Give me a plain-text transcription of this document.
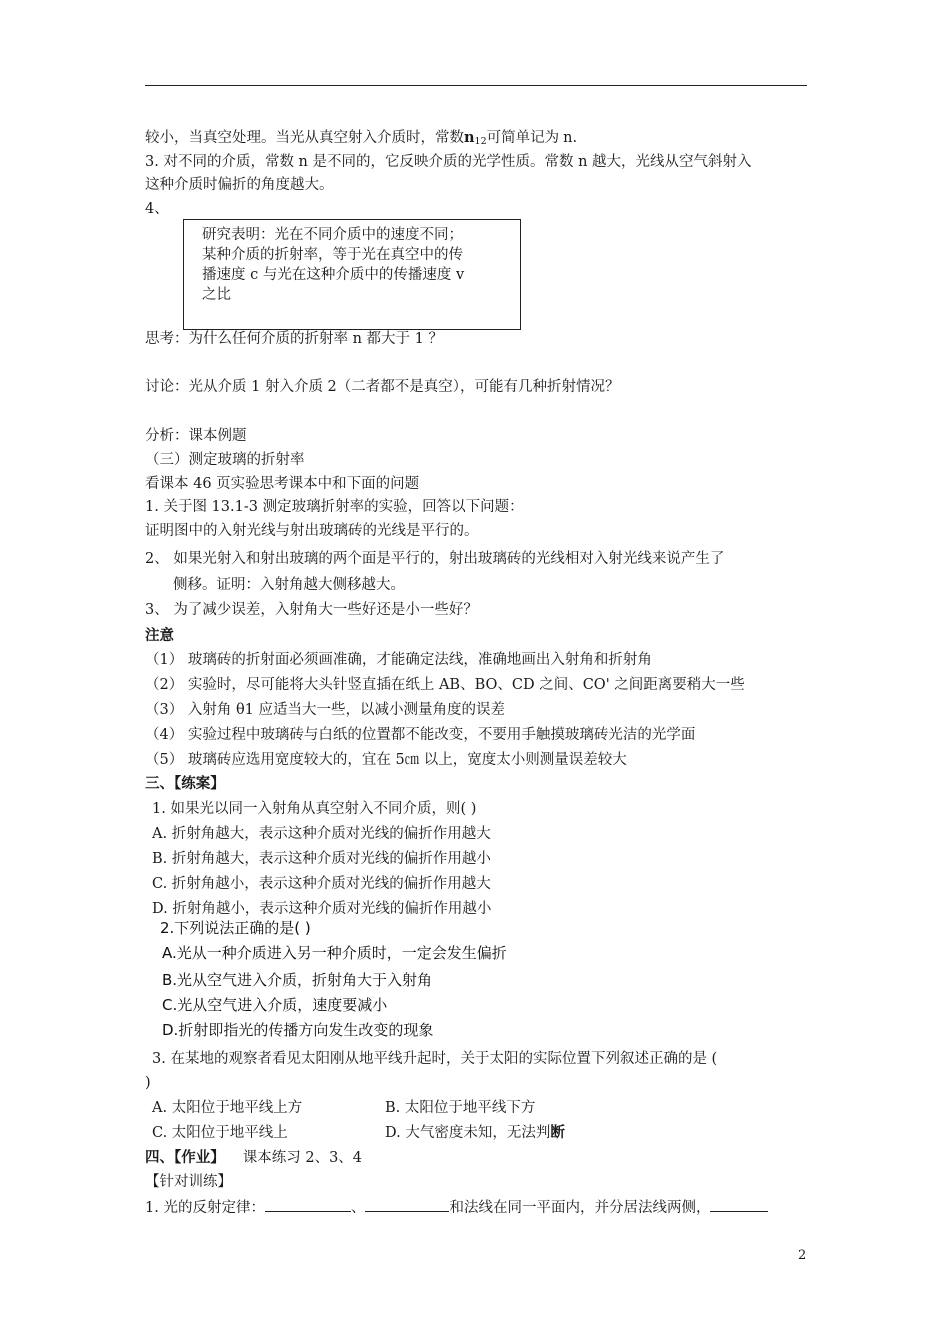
较小，当真空处理。当光从真空射入介质时，常数$n_{12}$可简单记为 n.
3. 对不同的介质，常数 n 是不同的，它反映介质的光学性质。常数 n 越大，光线从空气斜射入
这种介质时偏折的角度越大。
4、
思考：为什么任何介质的折射率 n 都大于 1 ？
研究表明：光在不同介质中的速度不同；
某种介质的折射率，等于光在真空中的传
播速度 c 与光在这种介质中的传播速度 v
之比
讨论：光从介质 1 射入介质 2（二者都不是真空），可能有几种折射情况？
分析：课本例题
（三）测定玻璃的折射率
看课本 46 页实验思考课本中和下面的问题
1. 关于图 13.1-3 测定玻璃折射率的实验，回答以下问题：
证明图中的入射光线与射出玻璃砖的光线是平行的。
2、 如果光射入和射出玻璃的两个面是平行的，射出玻璃砖的光线相对入射光线来说产生了
侧移。证明：入射角越大侧移越大。
3、 为了减少误差，入射角大一些好还是小一些好？
注意
（1） 玻璃砖的折射面必须画准确，才能确定法线，准确地画出入射角和折射角
（2） 实验时，尽可能将大头针竖直插在纸上 AB、BO、CD 之间、CO' 之间距离要稍大一些
（3） 入射角 θ1 应适当大一些，以减小测量角度的误差
（4） 实验过程中玻璃砖与白纸的位置都不能改变，不要用手触摸玻璃砖光洁的光学面
（5） 玻璃砖应选用宽度较大的，宜在 5㎝ 以上，宽度太小则测量误差较大
三、【练案】
1. 如果光以同一入射角从真空射入不同介质，则( )
A. 折射角越大，表示这种介质对光线的偏折作用越大
B. 折射角越大，表示这种介质对光线的偏折作用越小
C. 折射角越小，表示这种介质对光线的偏折作用越大
D. 折射角越小，表示这种介质对光线的偏折作用越小
2.下列说法正确的是( )
A.光从一种介质进入另一种介质时，一定会发生偏折
B.光从空气进入介质，折射角大于入射角
C.光从空气进入介质，速度要减小
D.折射即指光的传播方向发生改变的现象
3. 在某地的观察者看见太阳刚从地平线升起时，关于太阳的实际位置下列叙述正确的是 (
)
A. 太阳位于地平线上方	B. 太阳位于地平线下方
C. 太阳位于地平线上	D. 大气密度未知，无法判断
四、【作业】 课本练习 2、3、4
【针对训练】
1. 光的反射定律：	、	和法线在同一平面内，并分居法线两侧，
2
